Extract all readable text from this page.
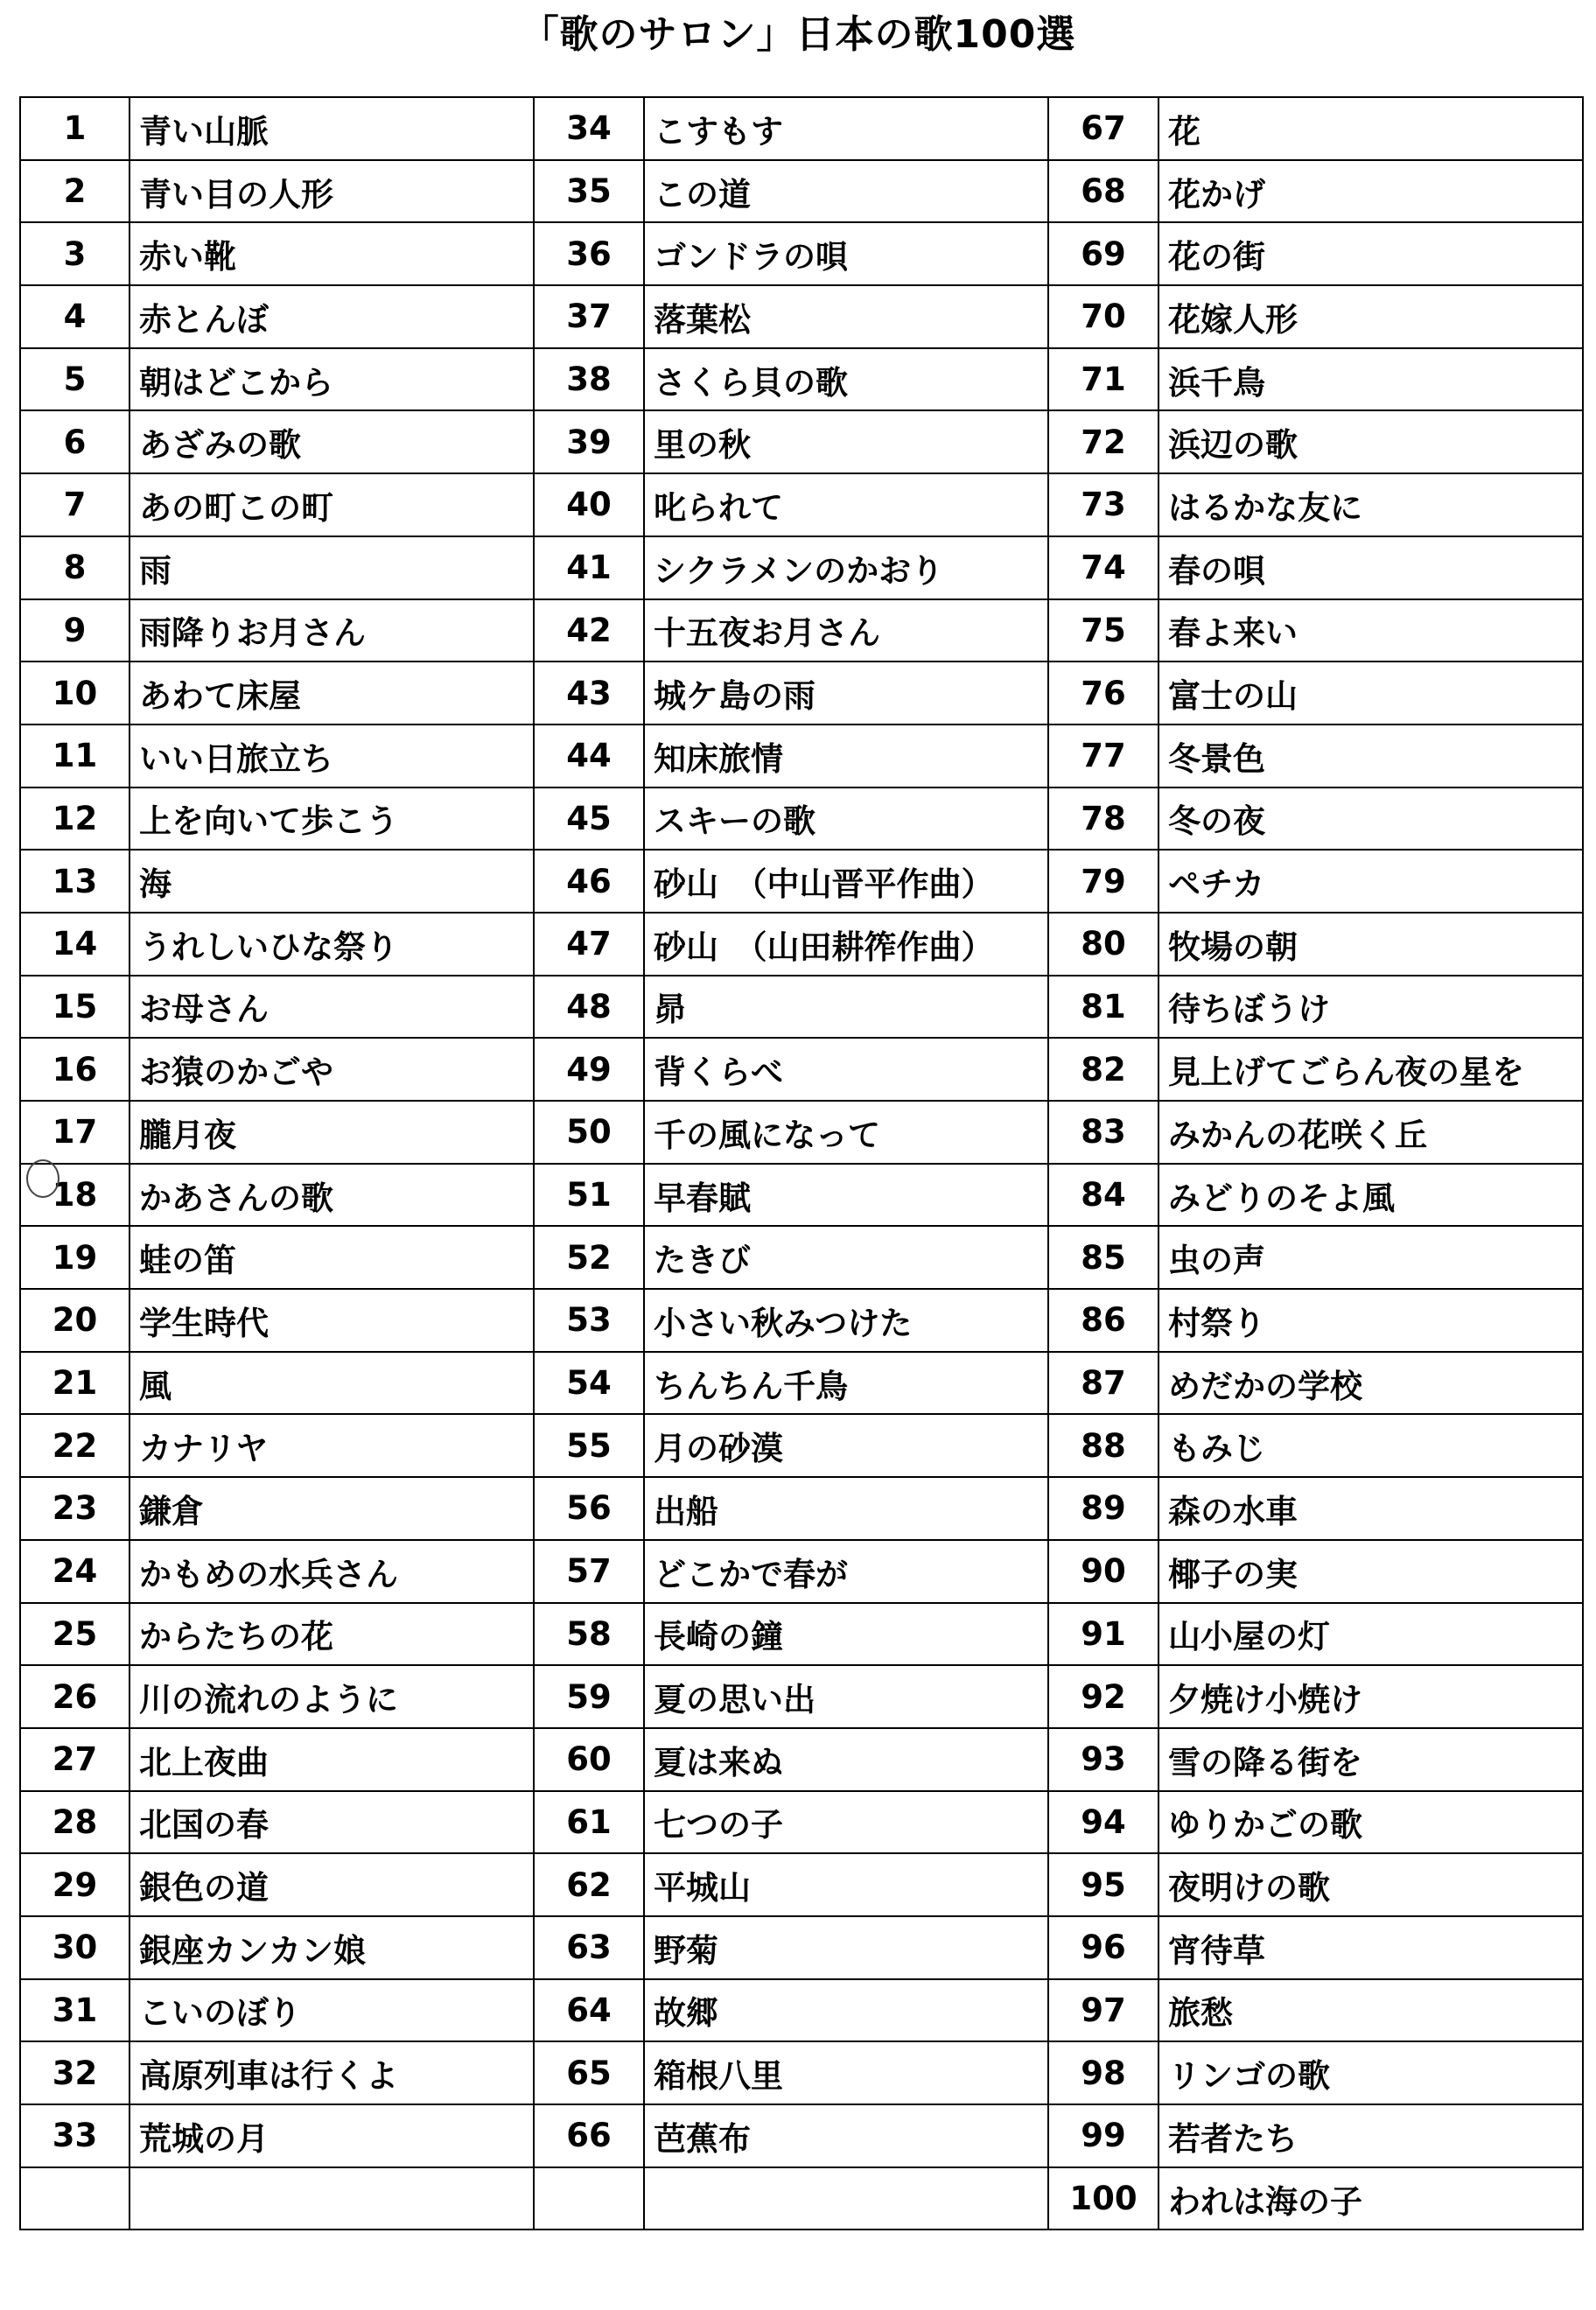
「歌のサロン」日本の歌100選
1	青い山脈	34	こすもす	67	花
2	青い目の人形	35	この道	68	花かげ
3	赤い靴	36	ゴンドラの唄	69	花の街
4	赤とんぼ	37	落葉松	70	花嫁人形
5	朝はどこから	38	さくら貝の歌	71	浜千鳥
6	あざみの歌	39	里の秋	72	浜辺の歌
7	あの町この町	40	叱られて	73	はるかな友に
8	雨	41	シクラメンのかおり	74	春の唄
9	雨降りお月さん	42	十五夜お月さん	75	春よ来い
10	あわて床屋	43	城ケ島の雨	76	富士の山
11	いい日旅立ち	44	知床旅情	77	冬景色
12	上を向いて歩こう	45	スキーの歌	78	冬の夜
13	海	46	砂山　（中山晋平作曲）	79	ペチカ
14	うれしいひな祭り	47	砂山　（山田耕筰作曲）	80	牧場の朝
15	お母さん	48	昴	81	待ちぼうけ
16	お猿のかごや	49	背くらべ	82	見上げてごらん夜の星を
17	朧月夜	50	千の風になって	83	みかんの花咲く丘
18	かあさんの歌	51	早春賦	84	みどりのそよ風
19	蛙の笛	52	たきび	85	虫の声
20	学生時代	53	小さい秋みつけた	86	村祭り
21	風	54	ちんちん千鳥	87	めだかの学校
22	カナリヤ	55	月の砂漠	88	もみじ
23	鎌倉	56	出船	89	森の水車
24	かもめの水兵さん	57	どこかで春が	90	椰子の実
25	からたちの花	58	長崎の鐘	91	山小屋の灯
26	川の流れのように	59	夏の思い出	92	夕焼け小焼け
27	北上夜曲	60	夏は来ぬ	93	雪の降る街を
28	北国の春	61	七つの子	94	ゆりかごの歌
29	銀色の道	62	平城山	95	夜明けの歌
30	銀座カンカン娘	63	野菊	96	宵待草
31	こいのぼり	64	故郷	97	旅愁
32	高原列車は行くよ	65	箱根八里	98	リンゴの歌
33	荒城の月	66	芭蕉布	99	若者たち
				100	われは海の子
